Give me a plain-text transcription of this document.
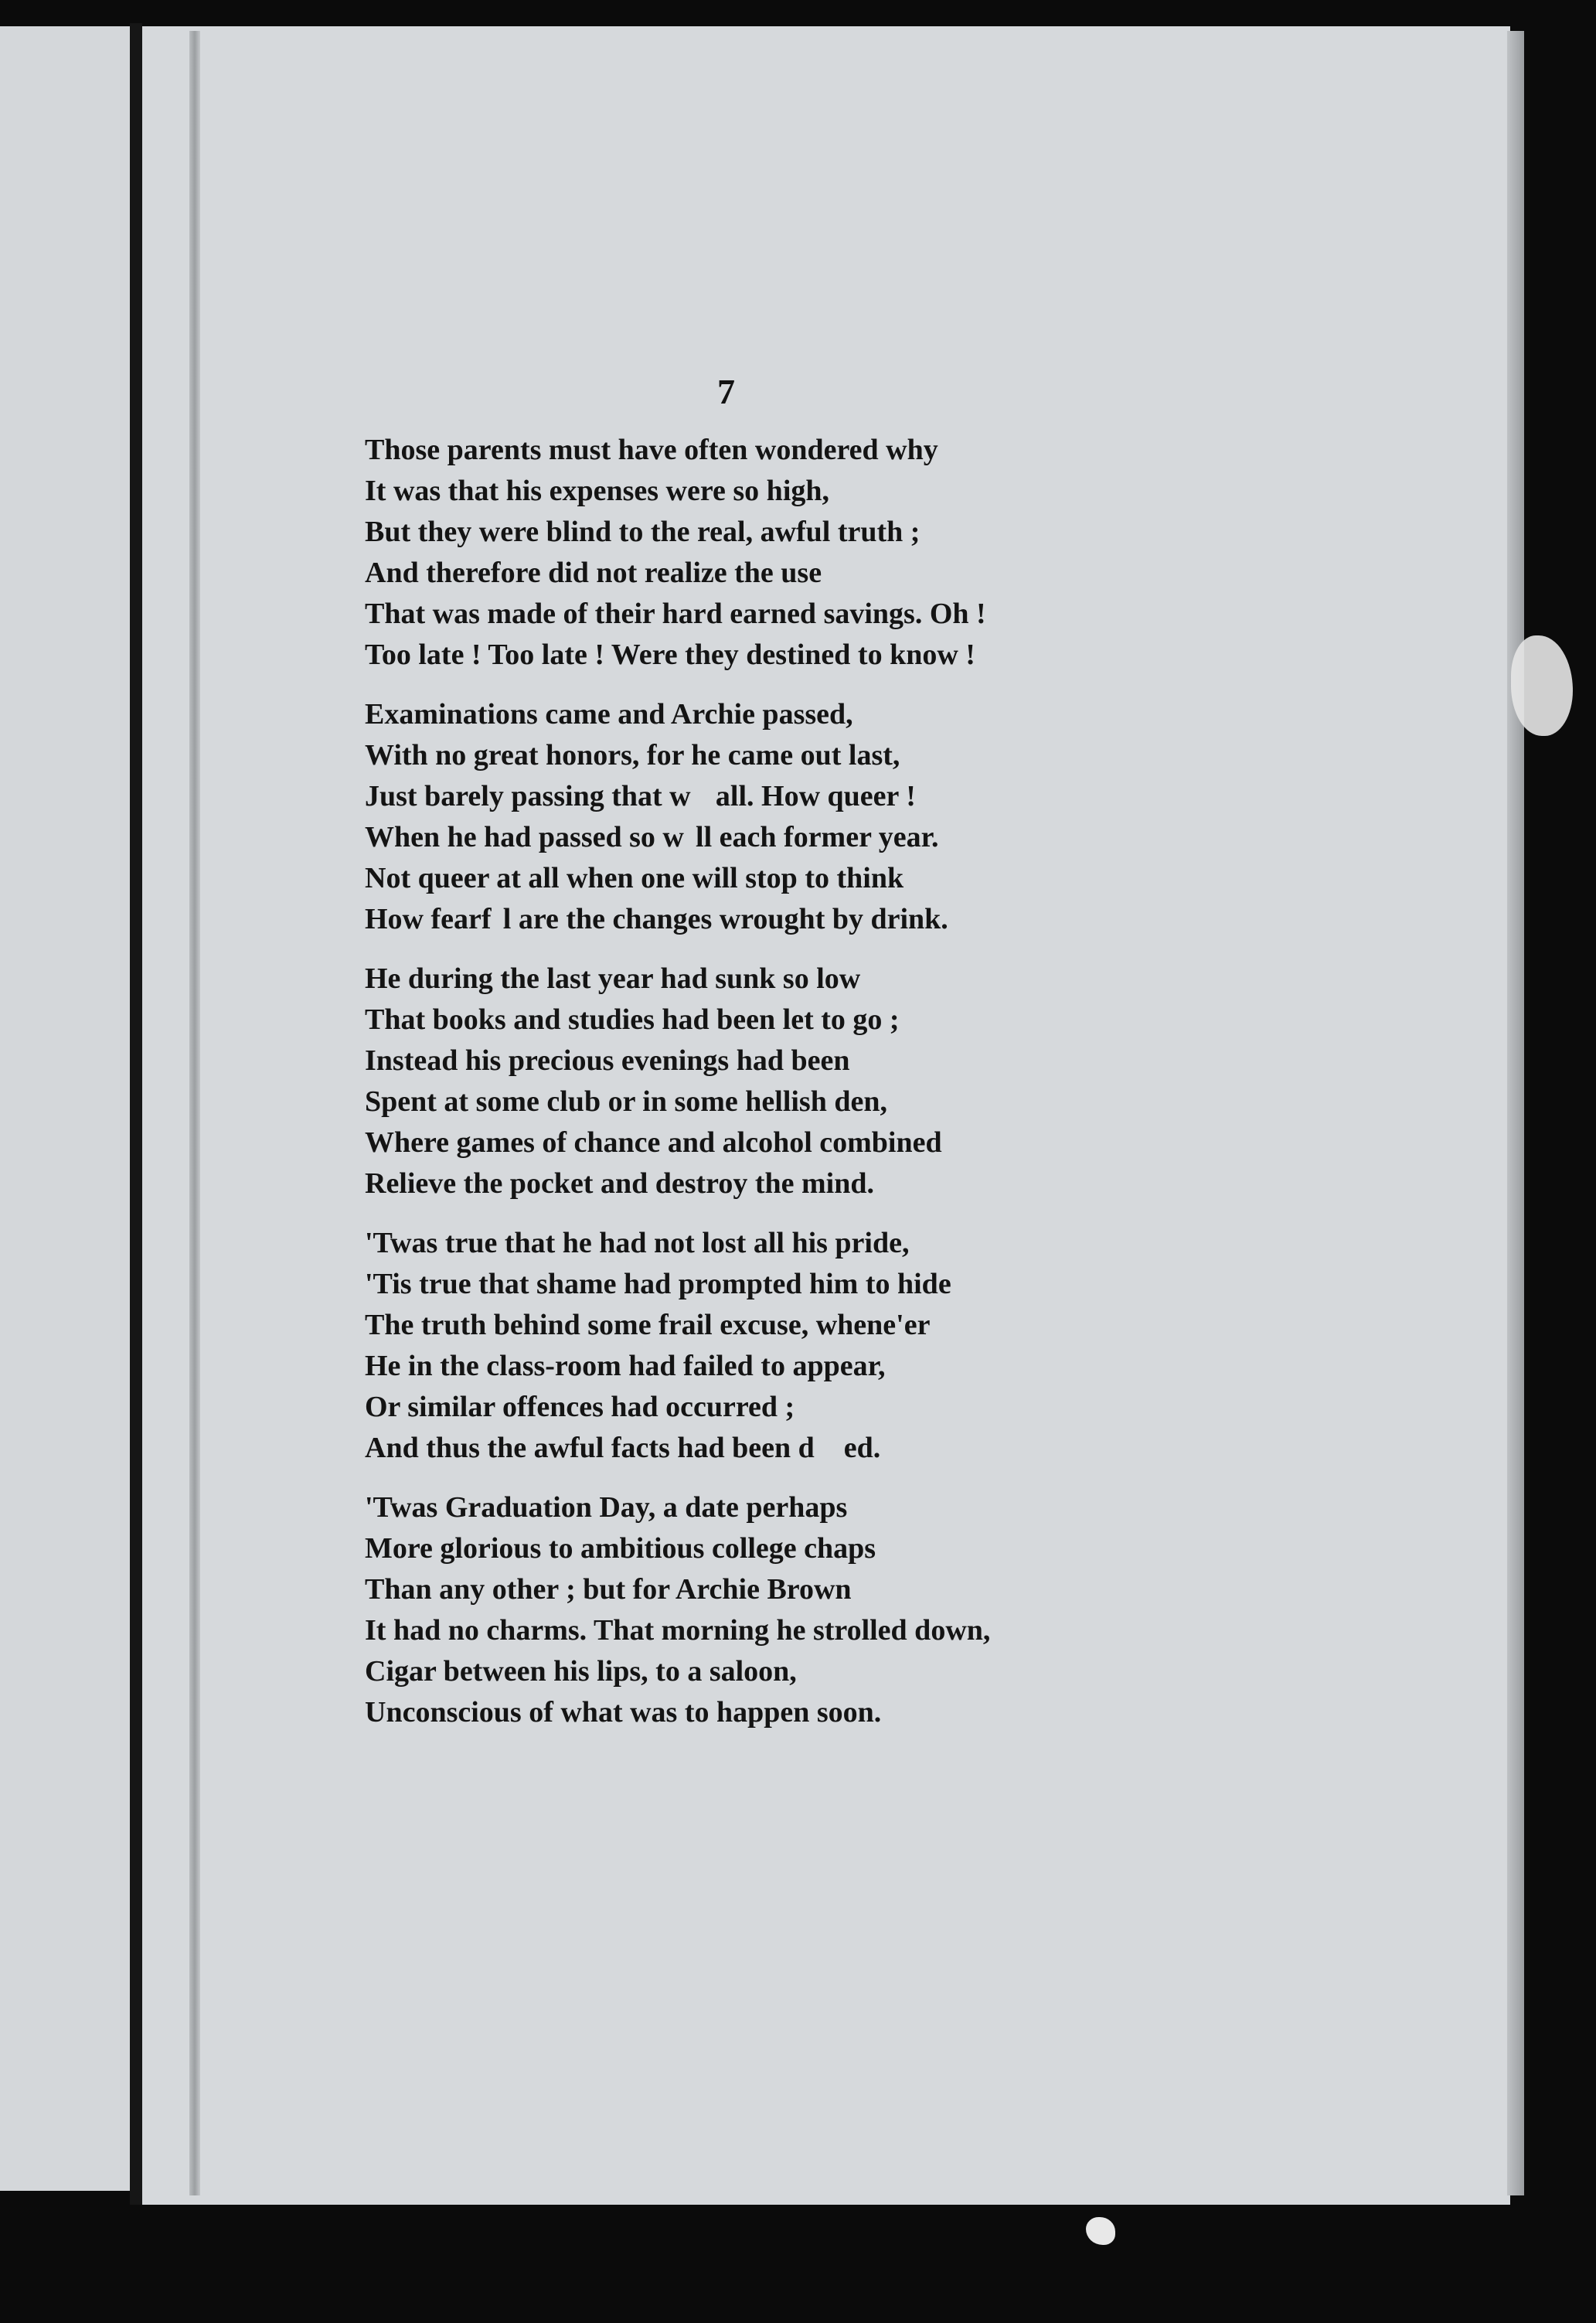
7
Those parents must have often wondered why
It was that his expenses were so high,
But they were blind to the real, awful truth ;
And therefore did not realize the use
That was made of their hard earned savings. Oh !
Too late ! Too late ! Were they destined to know !
Examinations came and Archie passed,
With no great honors, for he came out last,
Just barely passing that w    all. How queer !
When he had passed so w  ll each former year.
Not queer at all when one will stop to think
How fearf  l are the changes wrought by drink.
He during the last year had sunk so low
That books and studies had been let to go ;
Instead his precious evenings had been
Spent at some club or in some hellish den,
Where games of chance and alcohol combined
Relieve the pocket and destroy the mind.
'Twas true that he had not lost all his pride,
'Tis true that shame had prompted him to hide
The truth behind some frail excuse, whene'er
He in the class-room had failed to appear,
Or similar offences had occurred ;
And thus the awful facts had been d     ed.
'Twas Graduation Day, a date perhaps
More glorious to ambitious college chaps
Than any other ; but for Archie Brown
It had no charms. That morning he strolled down,
Cigar between his lips, to a saloon,
Unconscious of what was to happen soon.
